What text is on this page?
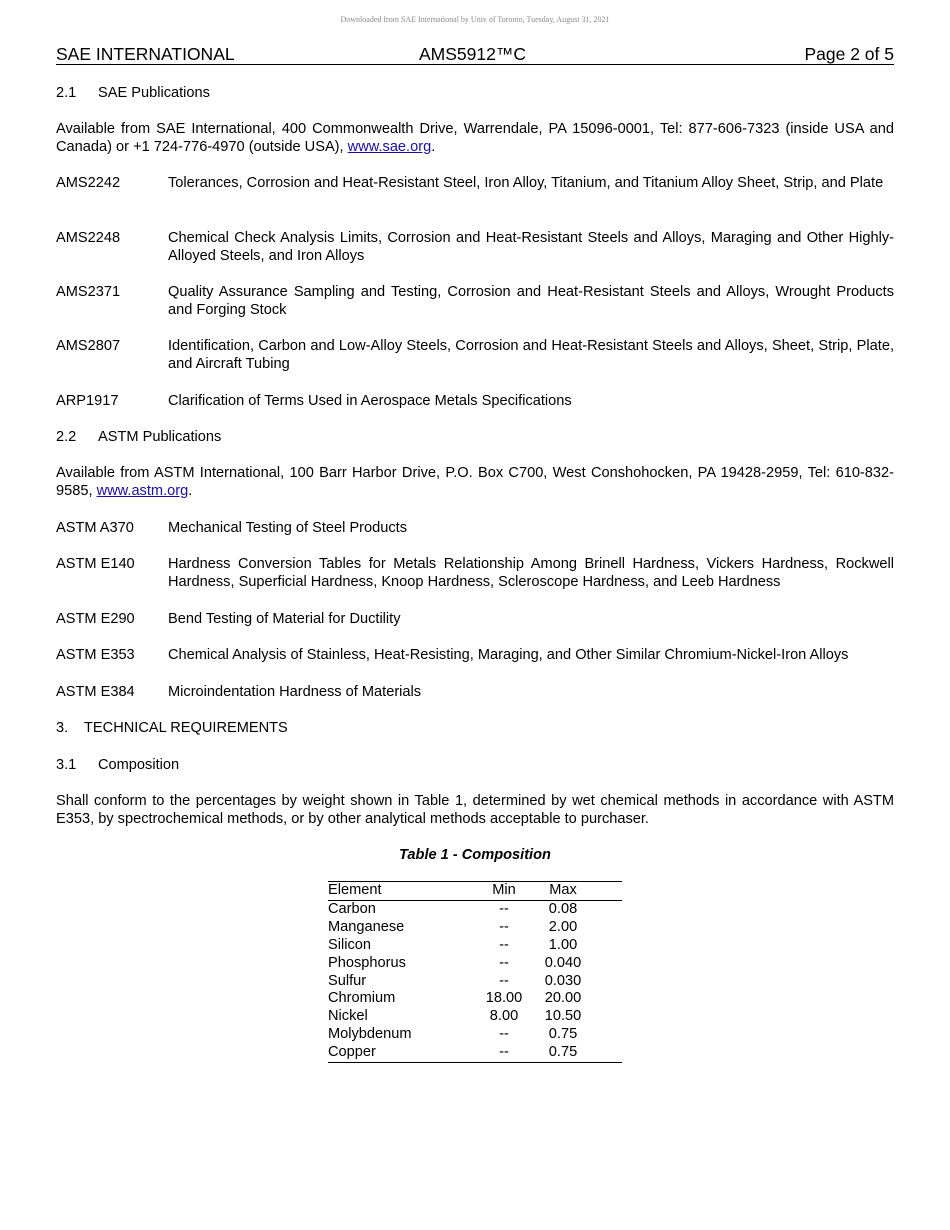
Downloaded from SAE International by Univ of Toronto, Tuesday, August 31, 2021
SAE INTERNATIONAL	AMS5912™C	Page 2 of 5
2.1 SAE Publications
Available from SAE International, 400 Commonwealth Drive, Warrendale, PA 15096-0001, Tel: 877-606-7323 (inside USA and Canada) or +1 724-776-4970 (outside USA), www.sae.org.
AMS2242	Tolerances, Corrosion and Heat-Resistant Steel, Iron Alloy, Titanium, and Titanium Alloy Sheet, Strip, and Plate
AMS2248	Chemical Check Analysis Limits, Corrosion and Heat-Resistant Steels and Alloys, Maraging and Other Highly-Alloyed Steels, and Iron Alloys
AMS2371	Quality Assurance Sampling and Testing, Corrosion and Heat-Resistant Steels and Alloys, Wrought Products and Forging Stock
AMS2807	Identification, Carbon and Low-Alloy Steels, Corrosion and Heat-Resistant Steels and Alloys, Sheet, Strip, Plate, and Aircraft Tubing
ARP1917	Clarification of Terms Used in Aerospace Metals Specifications
2.2 ASTM Publications
Available from ASTM International, 100 Barr Harbor Drive, P.O. Box C700, West Conshohocken, PA 19428-2959, Tel: 610-832-9585, www.astm.org.
ASTM A370	Mechanical Testing of Steel Products
ASTM E140	Hardness Conversion Tables for Metals Relationship Among Brinell Hardness, Vickers Hardness, Rockwell Hardness, Superficial Hardness, Knoop Hardness, Scleroscope Hardness, and Leeb Hardness
ASTM E290	Bend Testing of Material for Ductility
ASTM E353	Chemical Analysis of Stainless, Heat-Resisting, Maraging, and Other Similar Chromium-Nickel-Iron Alloys
ASTM E384	Microindentation Hardness of Materials
3. TECHNICAL REQUIREMENTS
3.1 Composition
Shall conform to the percentages by weight shown in Table 1, determined by wet chemical methods in accordance with ASTM E353, by spectrochemical methods, or by other analytical methods acceptable to purchaser.
Table 1 - Composition
Element	Min	Max	
Carbon	--	0.08	
Manganese	--	2.00	
Silicon	--	1.00	
Phosphorus	--	0.040	
Sulfur	--	0.030	
Chromium	18.00	20.00	
Nickel	8.00	10.50	
Molybdenum	--	0.75	
Copper	--	0.75	
